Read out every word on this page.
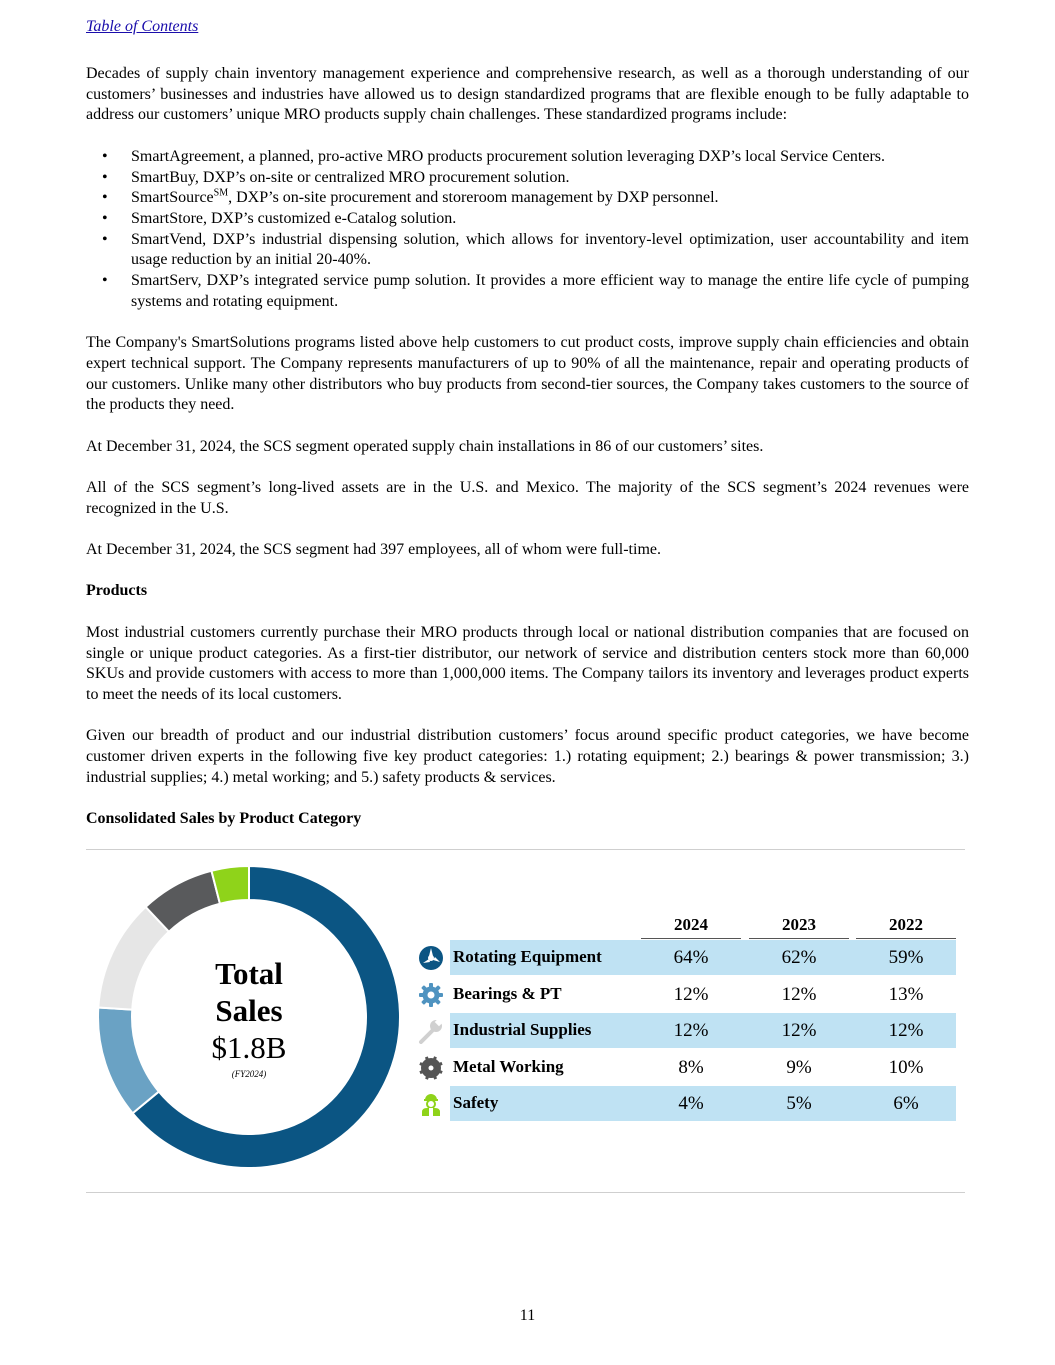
Table of Contents

Decades of supply chain inventory management experience and comprehensive research, as well as a thorough understanding of our customers’ businesses and industries have allowed us to design standardized programs that are flexible enough to be fully adaptable to address our customers’ unique MRO products supply chain challenges. These standardized programs include:

• SmartAgreement, a planned, pro-active MRO products procurement solution leveraging DXP’s local Service Centers.
• SmartBuy, DXP’s on-site or centralized MRO procurement solution.
• SmartSource℠, DXP’s on-site procurement and storeroom management by DXP personnel.
• SmartStore, DXP’s customized e-Catalog solution.
• SmartVend, DXP’s industrial dispensing solution, which allows for inventory-level optimization, user accountability and item usage reduction by an initial 20-40%.
• SmartServ, DXP’s integrated service pump solution. It provides a more efficient way to manage the entire life cycle of pumping systems and rotating equipment.

The Company's SmartSolutions programs listed above help customers to cut product costs, improve supply chain efficiencies and obtain expert technical support. The Company represents manufacturers of up to 90% of all the maintenance, repair and operating products of our customers. Unlike many other distributors who buy products from second-tier sources, the Company takes customers to the source of the products they need.

At December 31, 2024, the SCS segment operated supply chain installations in 86 of our customers’ sites.

All of the SCS segment’s long-lived assets are in the U.S. and Mexico. The majority of the SCS segment’s 2024 revenues were recognized in the U.S.

At December 31, 2024, the SCS segment had 397 employees, all of whom were full-time.

Products

Most industrial customers currently purchase their MRO products through local or national distribution companies that are focused on single or unique product categories. As a first-tier distributor, our network of service and distribution centers stock more than 60,000 SKUs and provide customers with access to more than 1,000,000 items. The Company tailors its inventory and leverages product experts to meet the needs of its local customers.

Given our breadth of product and our industrial distribution customers’ focus around specific product categories, we have become customer driven experts in the following five key product categories: 1.) rotating equipment; 2.) bearings & power transmission; 3.) industrial supplies; 4.) metal working; and 5.) safety products & services.

Consolidated Sales by Product Category
Total
Sales
$1.8B
(FY2024)
2024	2023	2022
Rotating Equipment	64%	62%	59%
Bearings & PT	12%	12%	13%
Industrial Supplies	12%	12%	12%
Metal Working	8%	9%	10%
Safety	4%	5%	6%
11
